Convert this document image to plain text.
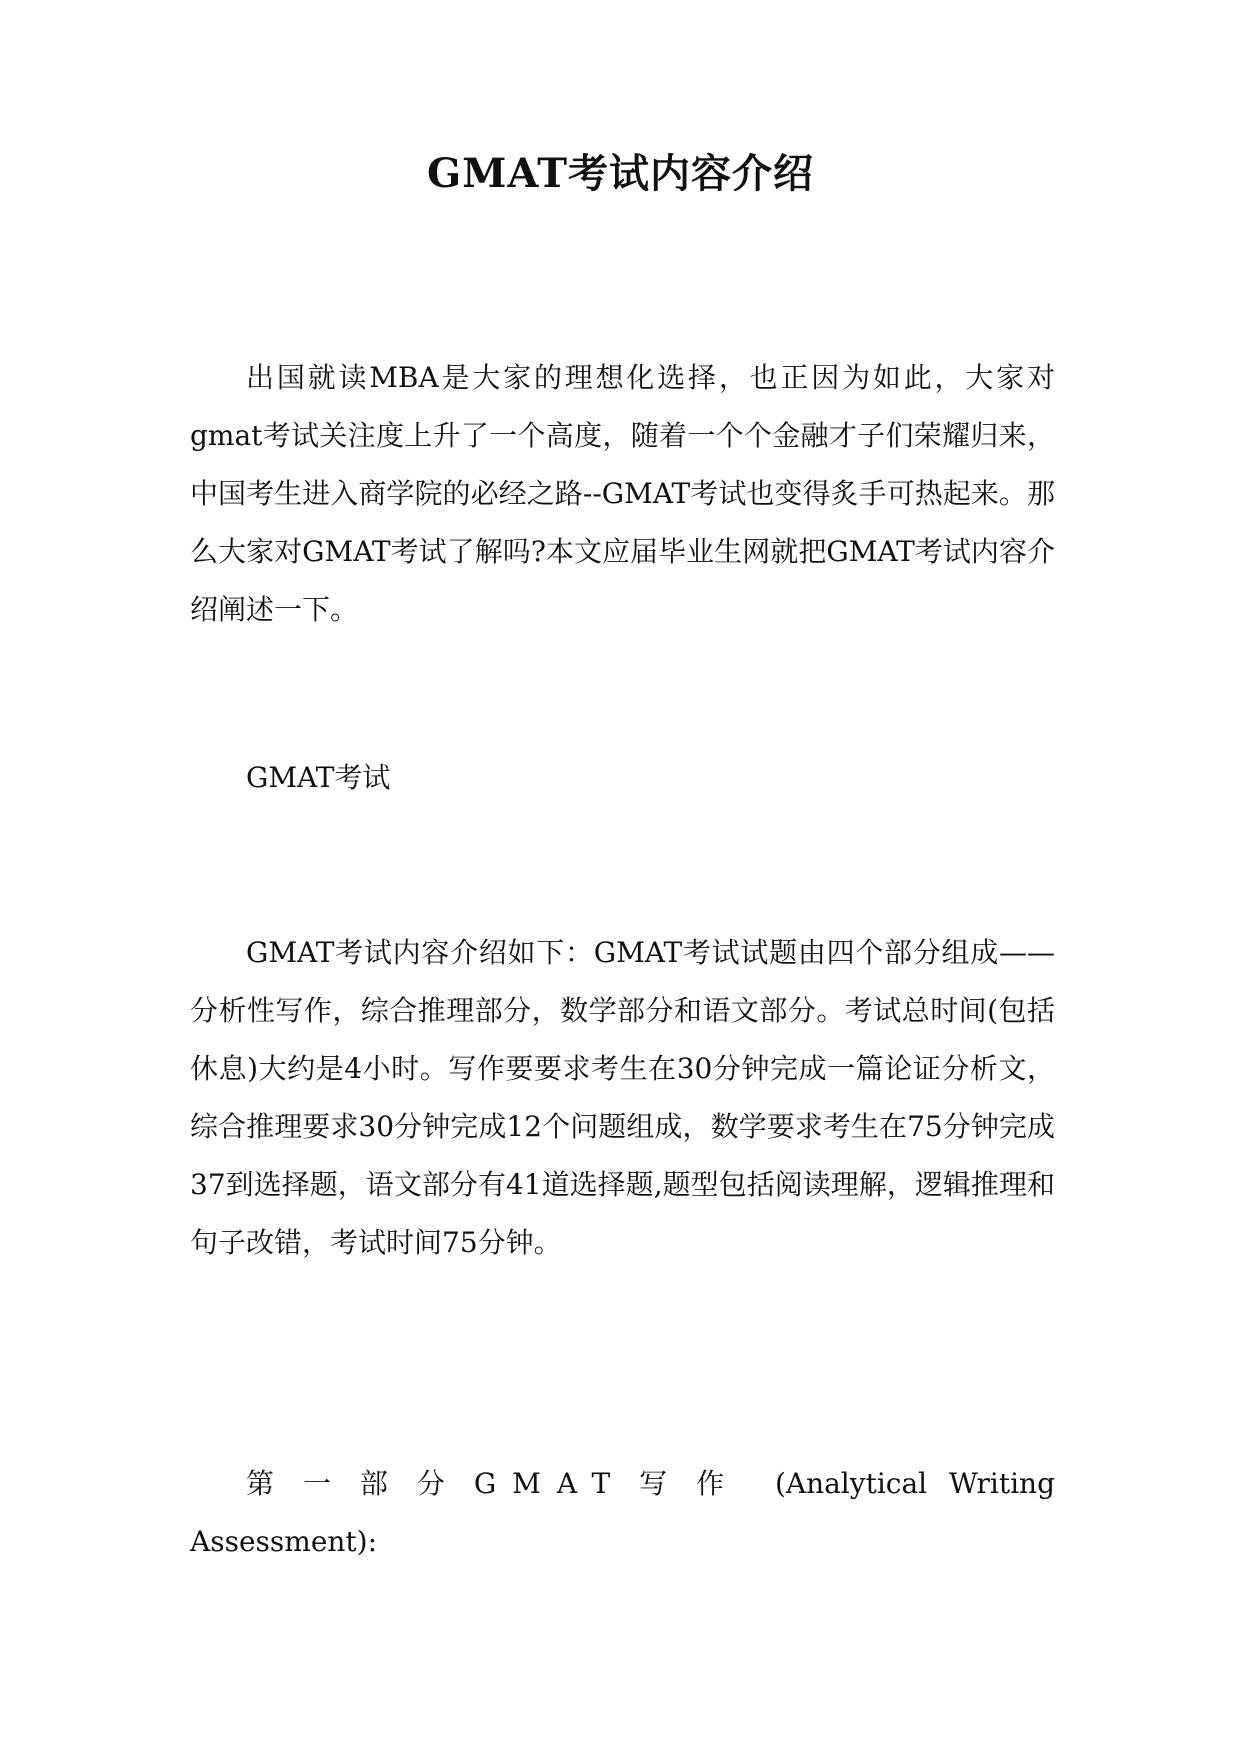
GMAT考试内容介绍

出国就读MBA是大家的理想化选择，也正因为如此，大家对gmat考试关注度上升了一个高度，随着一个个金融才子们荣耀归来，中国考生进入商学院的必经之路--GMAT考试也变得炙手可热起来。那么大家对GMAT考试了解吗?本文应届毕业生网就把GMAT考试内容介绍阐述一下。

GMAT考试

GMAT考试内容介绍如下：GMAT考试试题由四个部分组成——分析性写作，综合推理部分，数学部分和语文部分。考试总时间(包括休息)大约是4小时。写作要要求考生在30分钟完成一篇论证分析文，综合推理要求30分钟完成12个问题组成，数学要求考生在75分钟完成37到选择题，语文部分有41道选择题,题型包括阅读理解，逻辑推理和句子改错，考试时间75分钟。

第一部分GMAT写作 (Analytical Writing Assessment):
